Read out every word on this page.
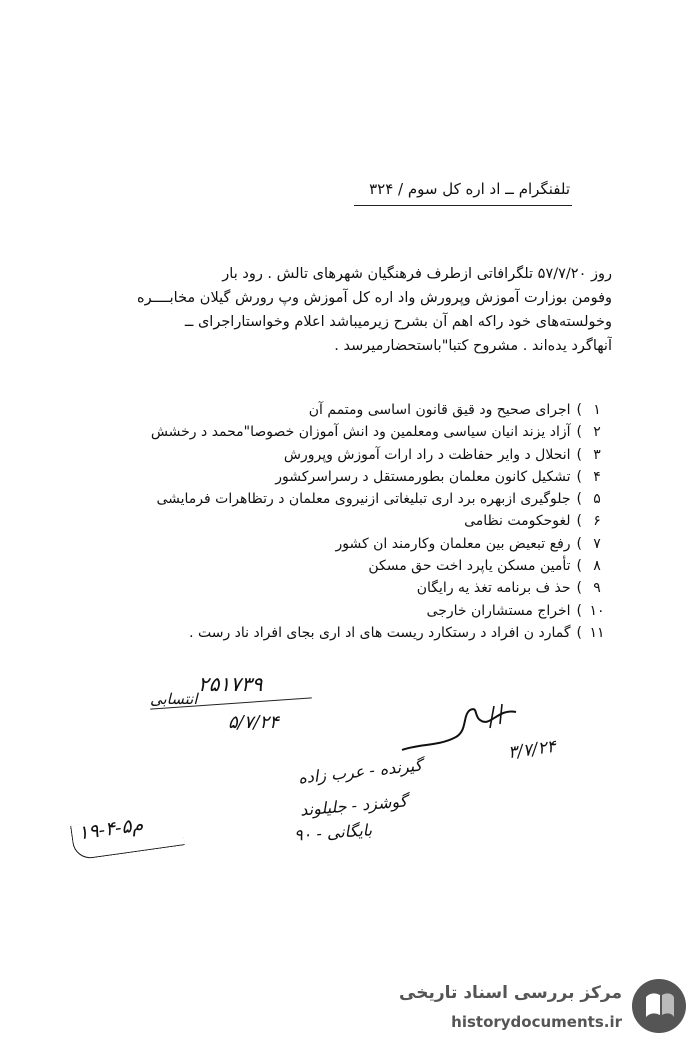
تلفنگرام ــ اد اره کل سوم / ۳۲۴
روز ۵۷/۷/۲۰ تلگرافاتی ازطرف فرهنگیان شهرهای تالش . رود بار
وفومن بوزارت آموزش وپرورش واد اره کل آموزش وپ رورش گیلان مخابــــره
وخولسته‌های خود راکه اهم آن بشرح زیرمیباشد اعلام وخواستاراجرای ــ
آنهاگرد یده‌اند . مشروح کتبا"باستحضارمیرسد .
۱
)
اجرای صحیح ود قیق قانون اساسی ومتمم آن
۲
)
آزاد یزند انیان سیاسی ومعلمین ود انش آموزان خصوصا"محمد د رخشش
۳
)
انحلال د وایر حفاظت د راد ارات آموزش وپرورش
۴
)
تشکیل کانون معلمان بطورمستقل د رسراسرکشور
۵
)
جلوگیری ازبهره برد اری تبلیغاتی ازنیروی معلمان د رتظاهرات فرمایشی
۶
)
لغوحکومت نظامی
۷
)
رفع تبعیض بین معلمان وکارمند ان کشور
۸
)
تأمین مسکن یاپرد اخت حق مسکن
۹
)
حذ ف برنامه تغذ یه رایگان
۱۰
)
اخراج مستشاران خارجی
۱۱
)
گمارد ن افراد د رستکارد ریست های اد اری بجای افراد ناد رست .
۲۵۱۷۳۹
انتسابی
۵/۷/۲۴
۳/۷/۲۴
گیرنده - عرب زاده
گوشزد - جلیلوند
بایگانی - ۹۰
۱۹-۴-۵م
مرکز بررسی اسناد تاریخی
historydocuments.ir
